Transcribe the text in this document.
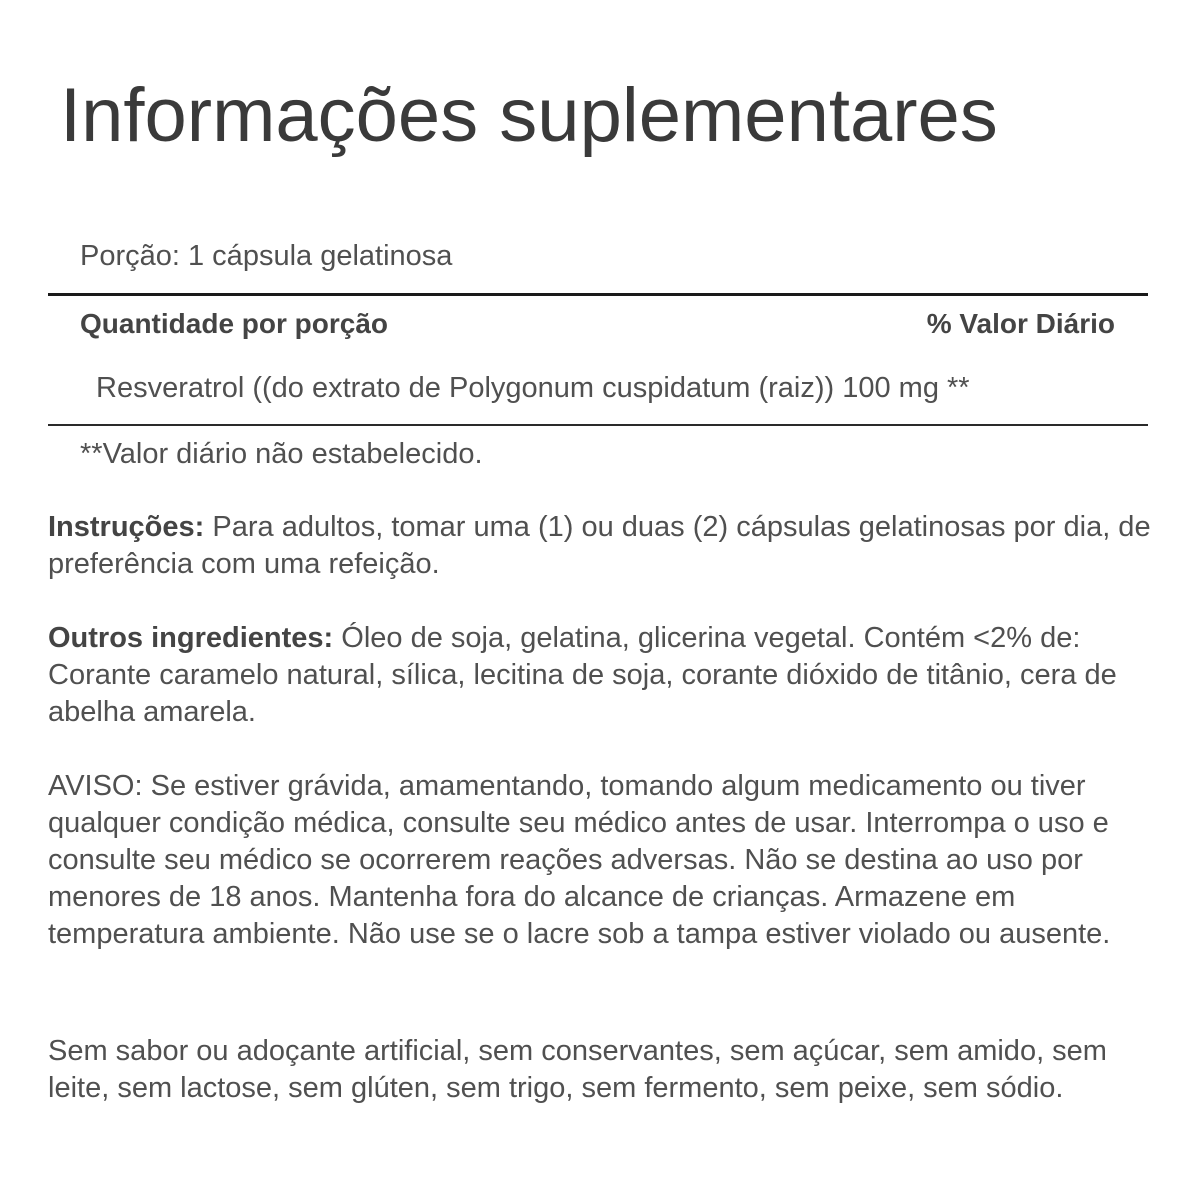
Informações suplementares
Porção: 1 cápsula gelatinosa
Quantidade por porção	% Valor Diário
Resveratrol ((do extrato de Polygonum cuspidatum (raiz)) 100 mg **
**Valor diário não estabelecido.

Instruções: Para adultos, tomar uma (1) ou duas (2) cápsulas gelatinosas por dia, de preferência com uma refeição.

Outros ingredientes: Óleo de soja, gelatina, glicerina vegetal. Contém <2% de: Corante caramelo natural, sílica, lecitina de soja, corante dióxido de titânio, cera de abelha amarela.

AVISO: Se estiver grávida, amamentando, tomando algum medicamento ou tiver qualquer condição médica, consulte seu médico antes de usar. Interrompa o uso e consulte seu médico se ocorrerem reações adversas. Não se destina ao uso por menores de 18 anos. Mantenha fora do alcance de crianças. Armazene em temperatura ambiente. Não use se o lacre sob a tampa estiver violado ou ausente.

Sem sabor ou adoçante artificial, sem conservantes, sem açúcar, sem amido, sem leite, sem lactose, sem glúten, sem trigo, sem fermento, sem peixe, sem sódio.
